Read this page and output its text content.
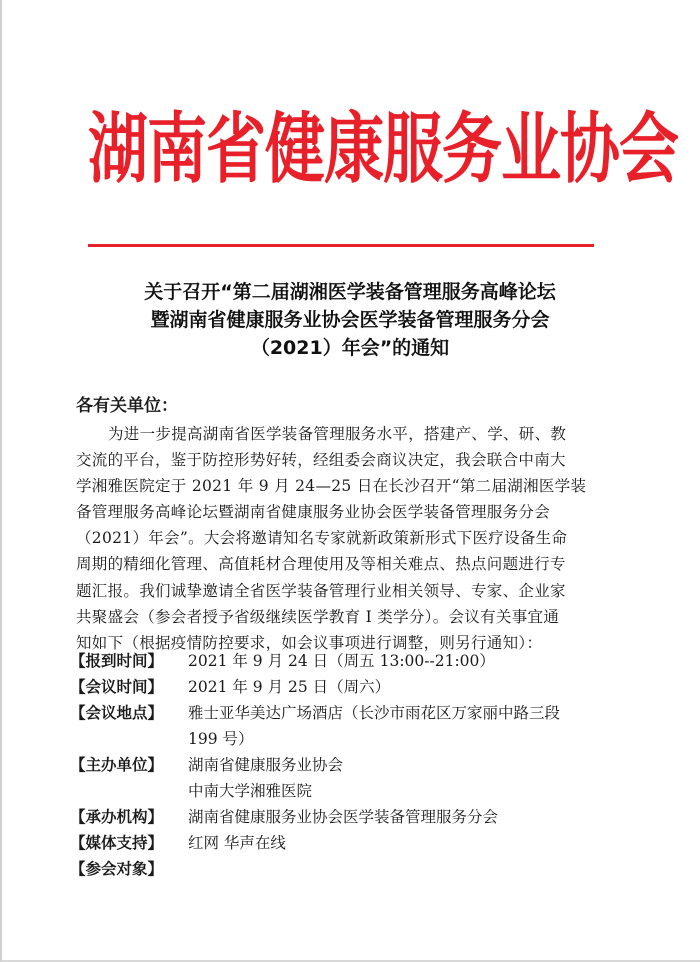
湖南省健康服务业协会
关于召开“第二届湖湘医学装备管理服务高峰论坛
暨湖南省健康服务业协会医学装备管理服务分会
（2021）年会”的通知
各有关单位：
为进一步提高湖南省医学装备管理服务水平，搭建产、学、研、教
交流的平台，鉴于防控形势好转，经组委会商议决定，我会联合中南大
学湘雅医院定于 2021 年 9 月 24—25 日在长沙召开“第二届湖湘医学装
备管理服务高峰论坛暨湖南省健康服务业协会医学装备管理服务分会
（2021）年会”。大会将邀请知名专家就新政策新形式下医疗设备生命
周期的精细化管理、高值耗材合理使用及等相关难点、热点问题进行专
题汇报。我们诚挚邀请全省医学装备管理行业相关领导、专家、企业家
共聚盛会（参会者授予省级继续医学教育 I 类学分）。会议有关事宜通
知如下（根据疫情防控要求，如会议事项进行调整，则另行通知）：
【报到时间】	2021 年 9 月 24 日（周五 13:00--21:00）
【会议时间】	2021 年 9 月 25 日（周六）
【会议地点】	雅士亚华美达广场酒店（长沙市雨花区万家丽中路三段
199 号）
【主办单位】	湖南省健康服务业协会
中南大学湘雅医院
【承办机构】	湖南省健康服务业协会医学装备管理服务分会
【媒体支持】	红网 华声在线
【参会对象】
